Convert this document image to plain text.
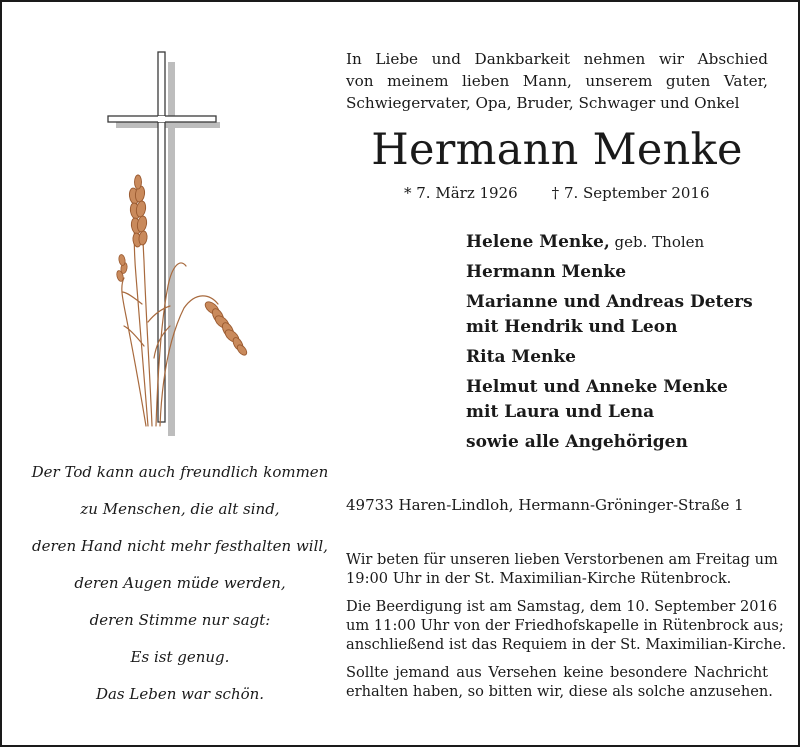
Der Tod kann auch freundlich kommen
zu Menschen, die alt sind,
deren Hand nicht mehr festhalten will,
deren Augen müde werden,
deren Stimme nur sagt:
Es ist genug.
Das Leben war schön.
In Liebe und Dankbarkeit nehmen wir Abschied
von meinem lieben Mann, unserem guten Vater,
Schwiegervater, Opa, Bruder, Schwager und Onkel
Hermann Menke
* 7. März 1926 † 7. September 2016
Helene Menke, geb. Tholen
Hermann Menke
Marianne und Andreas Deters
mit Hendrik und Leon
Rita Menke
Helmut und Anneke Menke
mit Laura und Lena
sowie alle Angehörigen
49733 Haren-Lindloh, Hermann-Gröninger-Straße 1
Wir beten für unseren lieben Verstorbenen am Freitag um
19:00 Uhr in der St. Maximilian-Kirche Rütenbrock.
Die Beerdigung ist am Samstag, dem 10. September 2016
um 11:00 Uhr von der Friedhofskapelle in Rütenbrock aus;
anschließend ist das Requiem in der St. Maximilian-Kirche.
Sollte jemand aus Versehen keine besondere Nachricht
erhalten haben, so bitten wir, diese als solche anzusehen.
